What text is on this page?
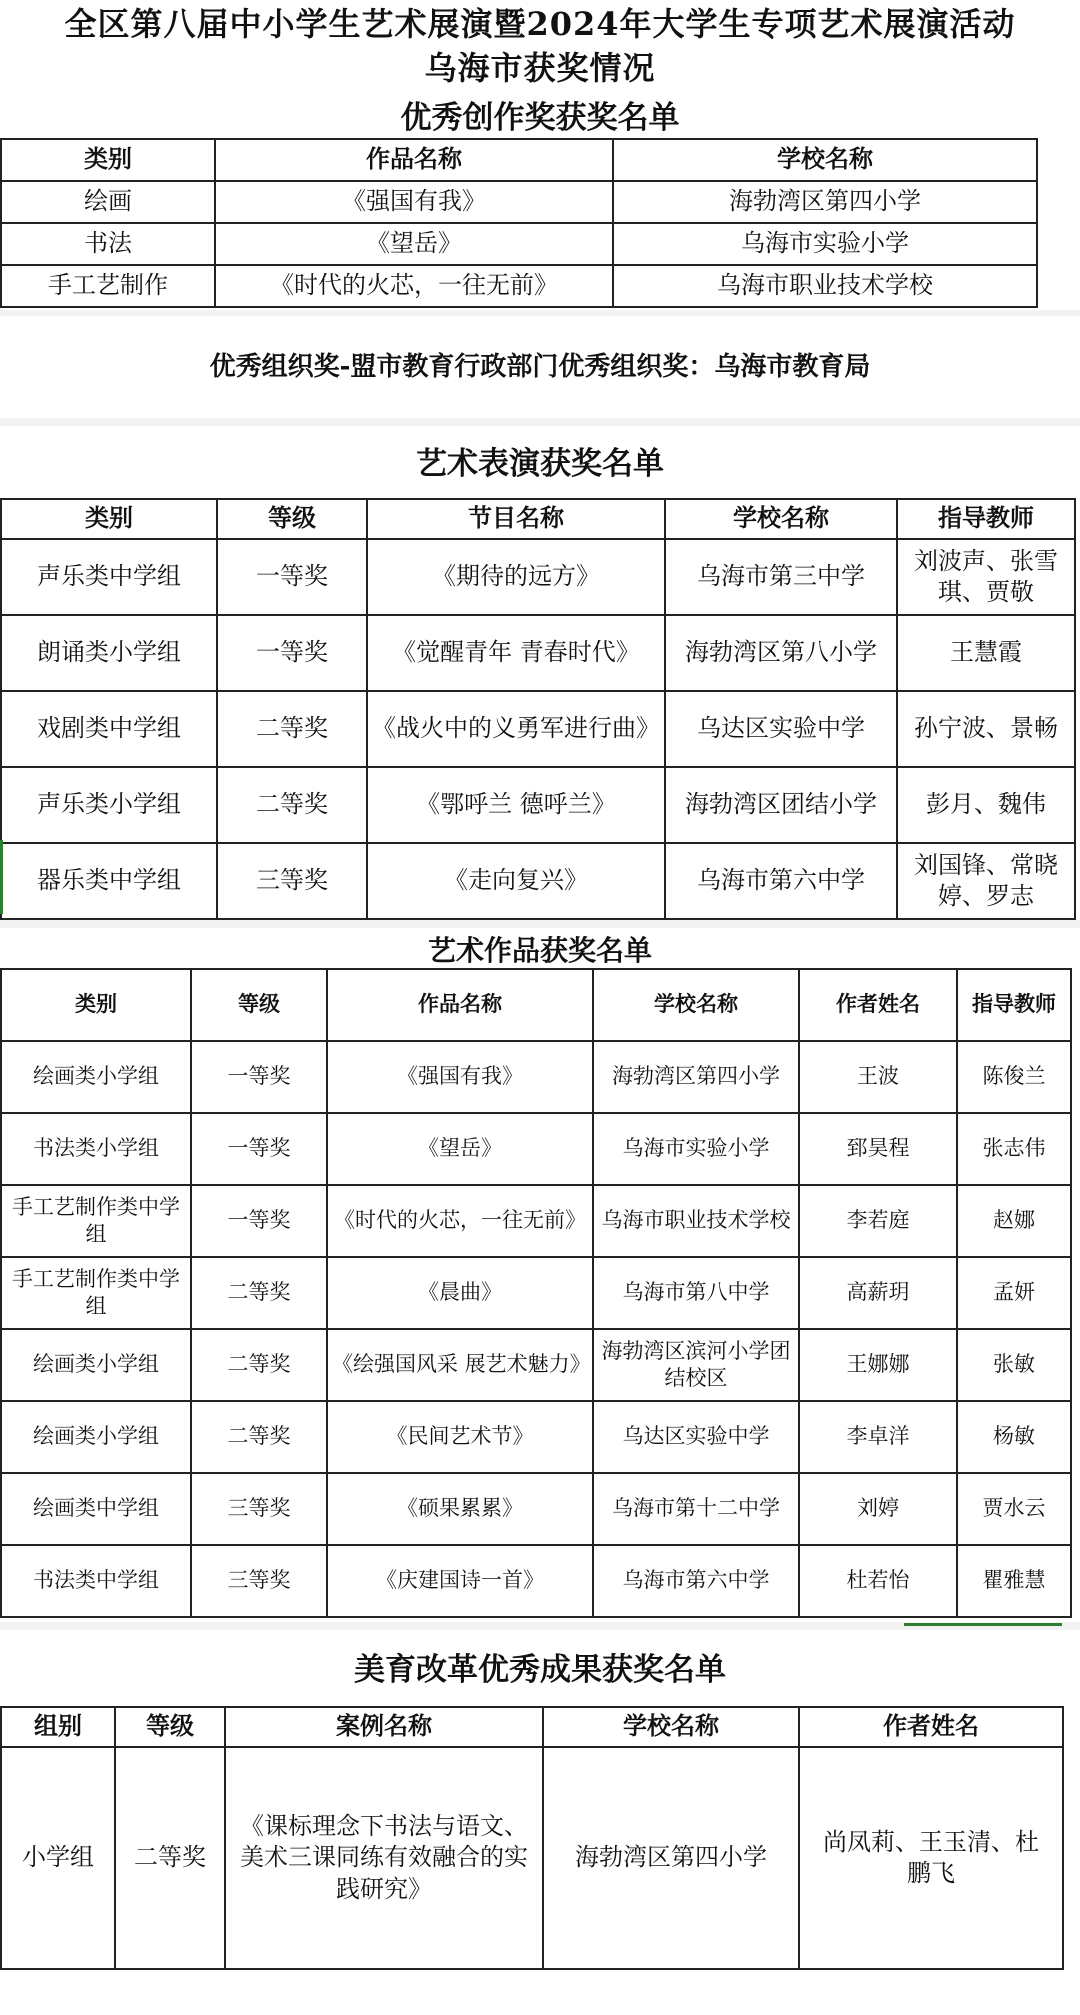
全区第八届中小学生艺术展演暨2024年大学生专项艺术展演活动
乌海市获奖情况
优秀创作奖获奖名单
类别	作品名称	学校名称
绘画	《强国有我》	海勃湾区第四小学
书法	《望岳》	乌海市实验小学
手工艺制作	《时代的火芯，一往无前》	乌海市职业技术学校
优秀组织奖-盟市教育行政部门优秀组织奖：乌海市教育局
艺术表演获奖名单
类别	等级	节目名称	学校名称	指导教师
声乐类中学组	一等奖	《期待的远方》	乌海市第三中学	刘波声、张雪琪、贾敬
朗诵类小学组	一等奖	《觉醒青年 青春时代》	海勃湾区第八小学	王慧霞
戏剧类中学组	二等奖	《战火中的义勇军进行曲》	乌达区实验中学	孙宁波、景畅
声乐类小学组	二等奖	《鄂呼兰 德呼兰》	海勃湾区团结小学	彭月、魏伟
器乐类中学组	三等奖	《走向复兴》	乌海市第六中学	刘国锋、常晓婷、罗志
艺术作品获奖名单
类别	等级	作品名称	学校名称	作者姓名	指导教师
绘画类小学组	一等奖	《强国有我》	海勃湾区第四小学	王波	陈俊兰
书法类小学组	一等奖	《望岳》	乌海市实验小学	郅昊程	张志伟
手工艺制作类中学组	一等奖	《时代的火芯，一往无前》	乌海市职业技术学校	李若庭	赵娜
手工艺制作类中学组	二等奖	《晨曲》	乌海市第八中学	高薪玥	孟妍
绘画类小学组	二等奖	《绘强国风采 展艺术魅力》	海勃湾区滨河小学团结校区	王娜娜	张敏
绘画类小学组	二等奖	《民间艺术节》	乌达区实验中学	李卓洋	杨敏
绘画类中学组	三等奖	《硕果累累》	乌海市第十二中学	刘婷	贾水云
书法类中学组	三等奖	《庆建国诗一首》	乌海市第六中学	杜若怡	瞿雅慧
美育改革优秀成果获奖名单
组别	等级	案例名称	学校名称	作者姓名
小学组	二等奖	《课标理念下书法与语文、美术三课同练有效融合的实践研究》	海勃湾区第四小学	尚凤莉、王玉清、杜鹏飞
